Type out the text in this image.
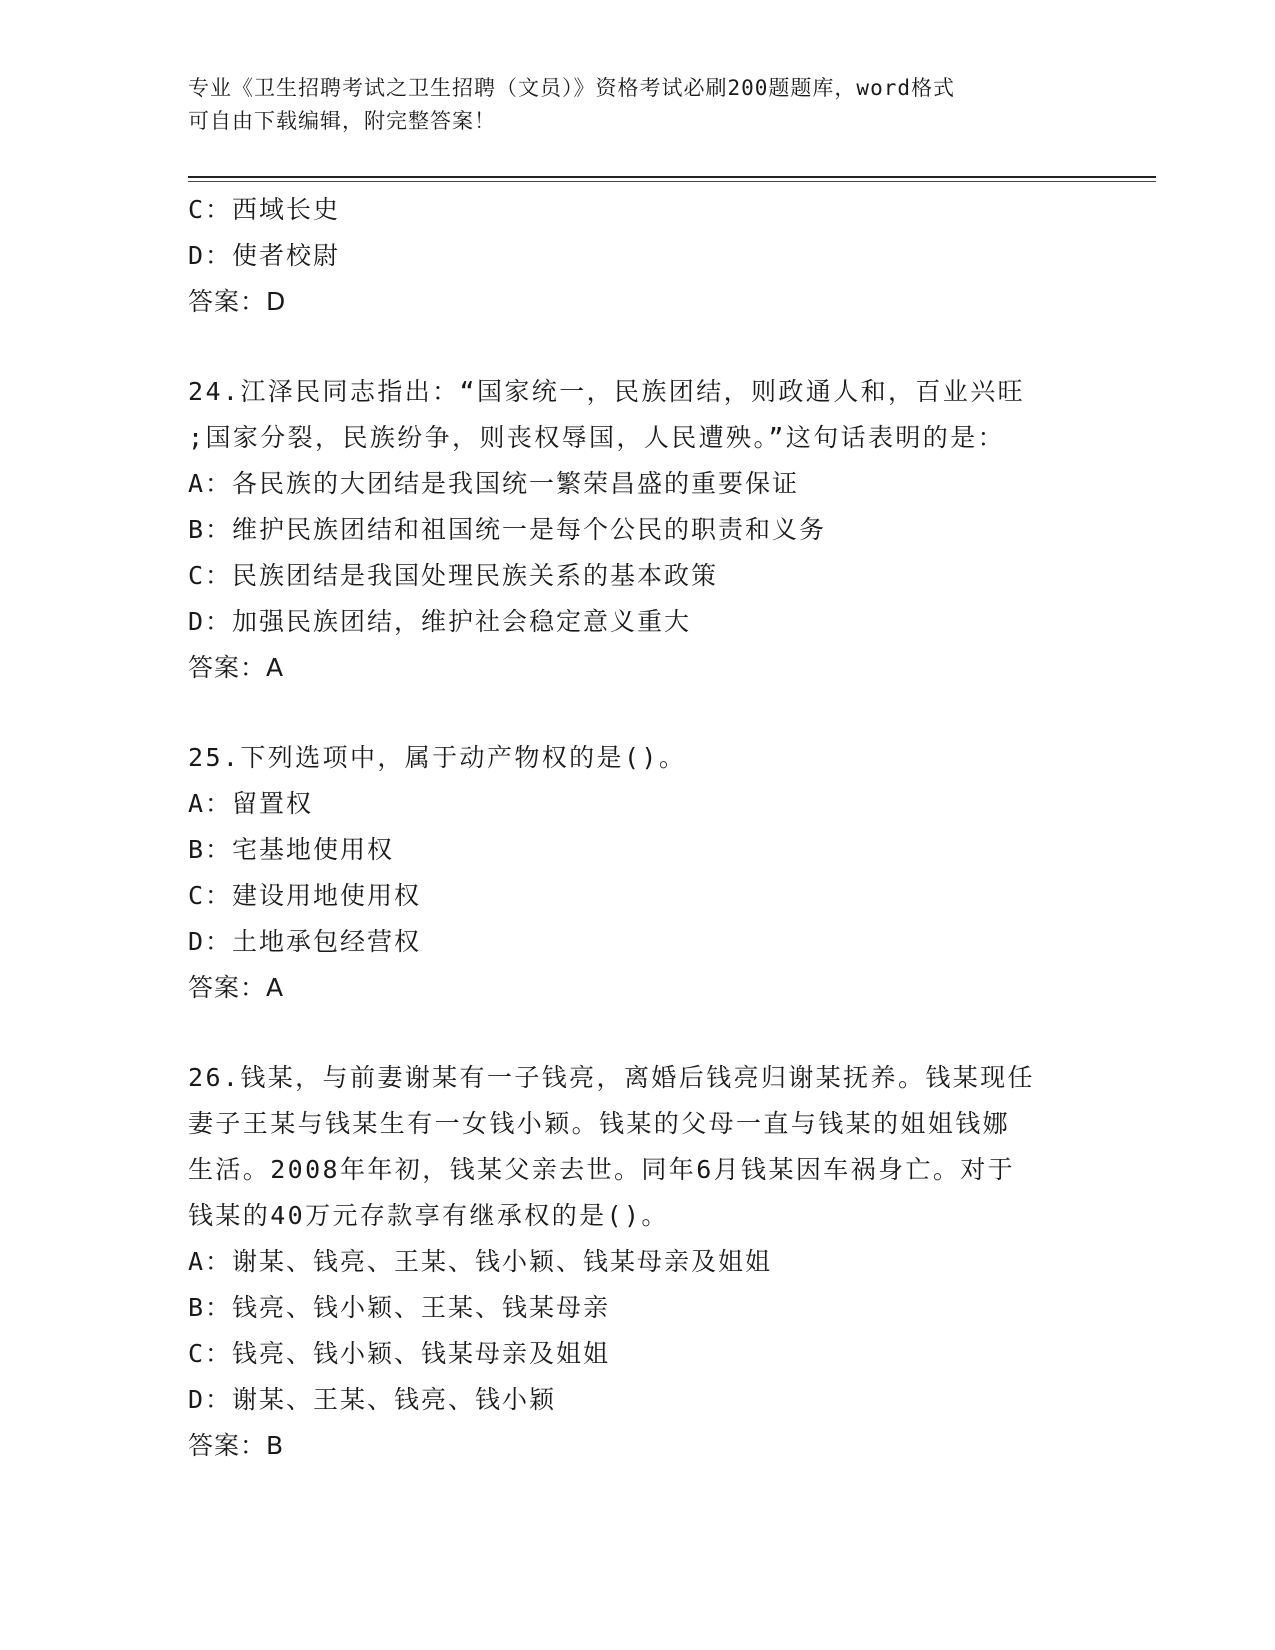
专业《卫生招聘考试之卫生招聘（文员）》资格考试必刷200题题库，word格式
可自由下载编辑，附完整答案！
C：西域长史
D：使者校尉
答案：D
24.江泽民同志指出：“国家统一，民族团结，则政通人和，百业兴旺
;国家分裂，民族纷争，则丧权辱国，人民遭殃。”这句话表明的是：
A：各民族的大团结是我国统一繁荣昌盛的重要保证
B：维护民族团结和祖国统一是每个公民的职责和义务
C：民族团结是我国处理民族关系的基本政策
D：加强民族团结，维护社会稳定意义重大
答案：A
25.下列选项中，属于动产物权的是()。
A：留置权
B：宅基地使用权
C：建设用地使用权
D：土地承包经营权
答案：A
26.钱某，与前妻谢某有一子钱亮，离婚后钱亮归谢某抚养。钱某现任
妻子王某与钱某生有一女钱小颖。钱某的父母一直与钱某的姐姐钱娜
生活。2008年年初，钱某父亲去世。同年6月钱某因车祸身亡。对于
钱某的40万元存款享有继承权的是()。
A：谢某、钱亮、王某、钱小颖、钱某母亲及姐姐
B：钱亮、钱小颖、王某、钱某母亲
C：钱亮、钱小颖、钱某母亲及姐姐
D：谢某、王某、钱亮、钱小颖
答案：B
